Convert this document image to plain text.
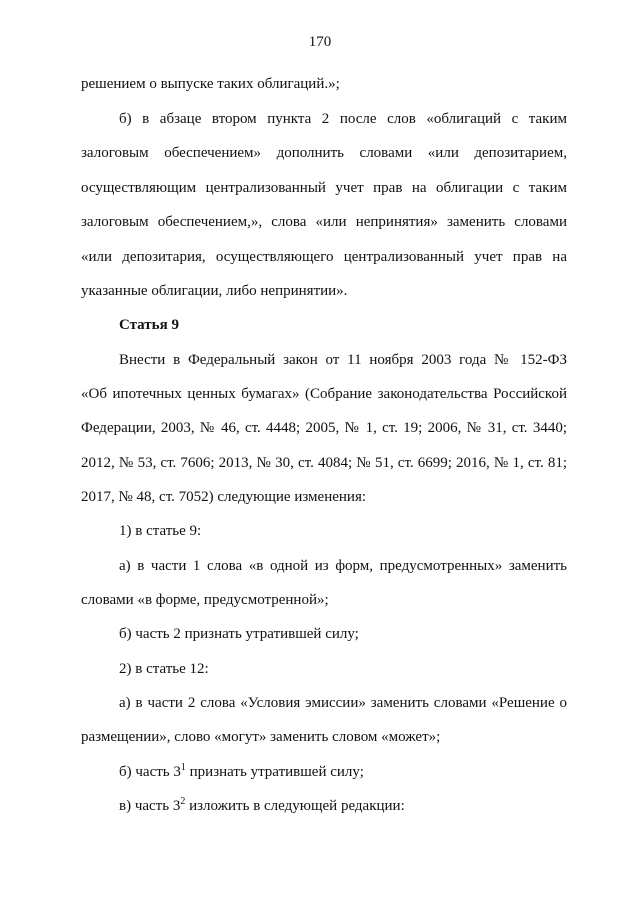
170
решением о выпуске таких облигаций.»;
б) в абзаце втором пункта 2 после слов «облигаций с таким
залоговым обеспечением» дополнить словами «или депозитарием,
осуществляющим централизованный учет прав на облигации с таким
залоговым обеспечением,», слова «или непринятия» заменить словами
«или депозитария, осуществляющего централизованный учет прав на
указанные облигации, либо непринятии».
Статья 9
Внести в Федеральный закон от 11 ноября 2003 года № 152-ФЗ
«Об ипотечных ценных бумагах» (Собрание законодательства Российской
Федерации, 2003, № 46, ст. 4448; 2005, № 1, ст. 19; 2006, № 31, ст. 3440;
2012, № 53, ст. 7606; 2013, № 30, ст. 4084; № 51, ст. 6699; 2016, № 1, ст. 81;
2017, № 48, ст. 7052) следующие изменения:
1) в статье 9:
а) в части 1 слова «в одной из форм, предусмотренных» заменить
словами «в форме, предусмотренной»;
б) часть 2 признать утратившей силу;
2) в статье 12:
а) в части 2 слова «Условия эмиссии» заменить словами «Решение о
размещении», слово «могут» заменить словом «может»;
б) часть $3^1$ признать утратившей силу;
в) часть $3^2$ изложить в следующей редакции:
